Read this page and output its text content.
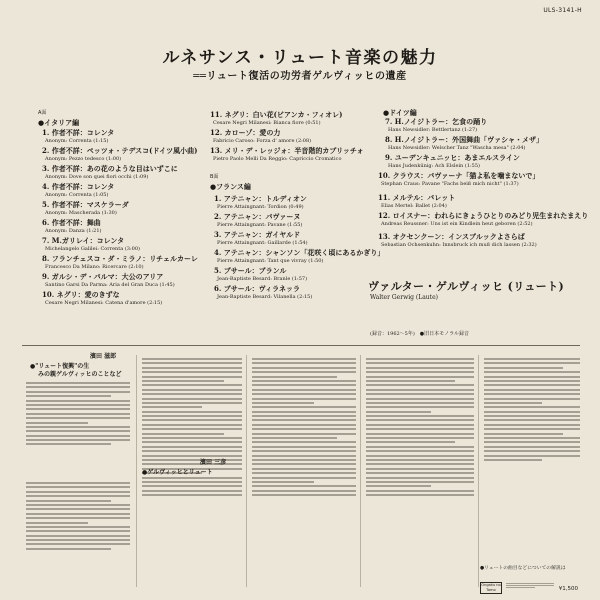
ULS-3141-H
ルネサンス・リュート音楽の魅力
══リュート復活の功労者ゲルヴィッヒの遺産
A面
●イタリア編
1. 作者不詳：コレンタ
Anonym: Correnta (1:15)
2. 作者不詳：ペッツォ・テデスコ(ドイツ風小曲)
Anonym: Pezzo tedesco (1:00)
3. 作者不詳：あの花のような目はいずこに
Anonym: Dove son quei fiori occhi (1:09)
4. 作者不詳：コレンタ
Anonym: Correnta (1:05)
5. 作者不詳：マスケラーダ
Anonym: Mascherada (1:30)
6. 作者不詳：舞曲
Anonym: Danza (1:21)
7. M.ガリレイ：コレンタ
Michelangelo Galilei: Correnta (3:00)
8. フランチェスコ・ダ・ミラノ：リチェルカーレ
Francesco Da Milano: Ricercare (2:10)
9. ガルシ・デ・パルマ：大公のアリア
Santino Garsi Da Parma: Aria del Gran Duca (1:45)
10. ネグリ：愛のきずな
Cesare Negri Milanesi: Catena d'amore (2:15)
11. ネグリ：白い花(ビアンカ・フィオレ)
Cesare Negri Milanesi: Bianca fiore (0:51)
12. カローゾ：愛の力
Fabricio Caroso: Forza d' amore (2:08)
13. メリ・デ・レッジォ：半音階的カプリッチォ
Pietro Paolo Melli Da Reggio: Capriccio Cromatico
B面
●フランス編
1. アテニャン：トルディオン
Pierre Attaingnant: Tordion (0:49)
2. アテニャン：パヴァーヌ
Pierre Attaingnant: Pavane (1:55)
3. アテニャン：ガイヤルド
Pierre Attaingnant: Gaillarde (1:54)
4. アテニャン：シャンソン「花咲く頃にあるかぎり」
Pierre Attaingnant: Tant que vivray (1:50)
5. ブサール：ブランル
Jean-Baptiste Besard: Branle (1:57)
6. ブサール：ヴィラネッラ
Jean-Baptiste Besard: Vilanella (2:15)
●ドイツ編
7. H.ノイジトラー：乞食の踊り
Hans Newsidler: Bettlertanz (1:27)
8. H.ノイジトラー：外国舞曲「ヴァシャ・メザ」
Hans Newsidler: Welscher Tanz "Wascha mesa" (2:04)
9. ユーデンキュニッヒ：あまエルスライン
Hans Judenkünig: Ach Elslein (1:55)
10. クラウス：パヴァーナ「猫よ私を噛まないで」
Stephan Craus: Pavane "Fachs beiß mich nicht" (1:37)
11. メルテル：バレット
Elias Mertel: Ballet (2:04)
12. ロイスナー：われらにきょうひとりのみどり児生まれたまえり
Andreas Reussner: Uns ist ein Kindlein heut geboren (2:52)
13. オクセンクーン：インスブルックよさらば
Sebastian Ochsenkuhn: Innsbruck ich muß dich lassen (2:32)
ヴァルター・ゲルヴィッヒ (リュート)
Walter Gerwig (Laute)
(録音：1962～5年)　●旧日本モノラル録音
濱田 滋郎
●"リュート復興"の生
みの親ゲルヴィッヒのことなど
濱田 三彦
●ゲルヴィッヒとリュート
●リュートの曲目などについての解説は
Ongaku no Tomo	¥1,500
